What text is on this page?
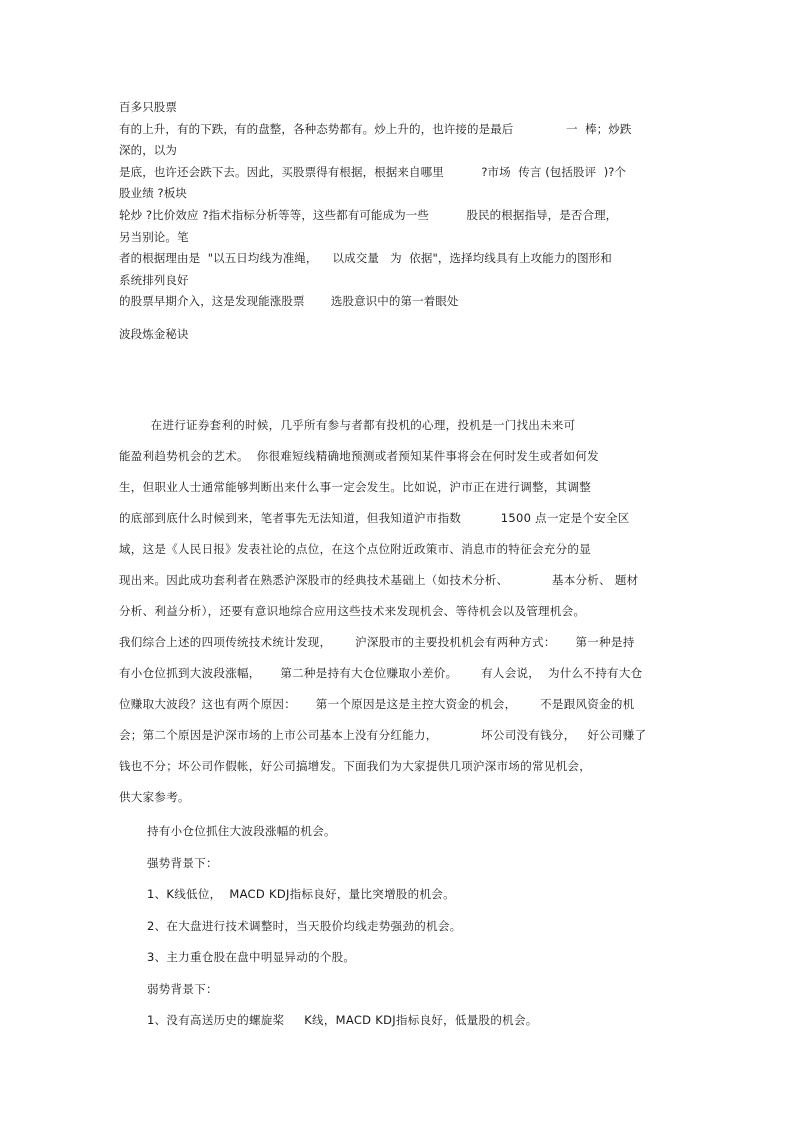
百多只股票
有的上升，有的下跌，有的盘整，各种态势都有。炒上升的，也许接的是最后              一  棒；炒跌
深的，以为
是底，也许还会跌下去。因此，买股票得有根据，根据来自哪里          ?市场  传言 (包括股评  )?个
股业绩 ?板块
轮炒 ?比价效应 ?指术指标分析等等，这些都有可能成为一些          股民的根据指导，是否合理，
另当别论。笔
者的根据理由是  "以五日均线为准绳，    以成交量   为  依据"，选择均线具有上攻能力的图形和
系统排列良好
的股票早期介入，这是发现能涨股票       选股意识中的第一着眼处
波段炼金秘诀
在进行证券套利的时候，几乎所有参与者都有投机的心理，投机是一门找出未来可
能盈利趋势机会的艺术。  你很难短线精确地预测或者预知某件事将会在何时发生或者如何发
生，但职业人士通常能够判断出来什么事一定会发生。比如说，沪市正在进行调整，其调整
的底部到底什么时候到来，笔者事先无法知道，但我知道沪市指数          1500 点一定是个安全区
域，这是《人民日报》发表社论的点位，在这个点位附近政策市、消息市的特征会充分的显
现出来。因此成功套利者在熟悉沪深股市的经典技术基础上（如技术分析、           基本分析、 题材
分析、利益分析），还要有意识地综合应用这些技术来发现机会、等待机会以及管理机会。
我们综合上述的四项传统技术统计发现，      沪深股市的主要投机机会有两种方式：     第一种是持
有小仓位抓到大波段涨幅，     第二种是持有大仓位赚取小差价。      有人会说，  为什么不持有大仓
位赚取大波段？这也有两个原因：     第一个原因是这是主控大资金的机会，      不是跟风资金的机
会；第二个原因是沪深市场的上市公司基本上没有分红能力，           坏公司没有钱分，   好公司赚了
钱也不分；坏公司作假帐，好公司搞增发。下面我们为大家提供几项沪深市场的常见机会，
供大家参考。
持有小仓位抓住大波段涨幅的机会。
强势背景下：
1、K线低位，  MACD KDJ指标良好，量比突增股的机会。
2、在大盘进行技术调整时，当天股价均线走势强劲的机会。
3、主力重仓股在盘中明显异动的个股。
弱势背景下：
1、没有高送历史的螺旋桨     K线，MACD KDJ指标良好，低量股的机会。
